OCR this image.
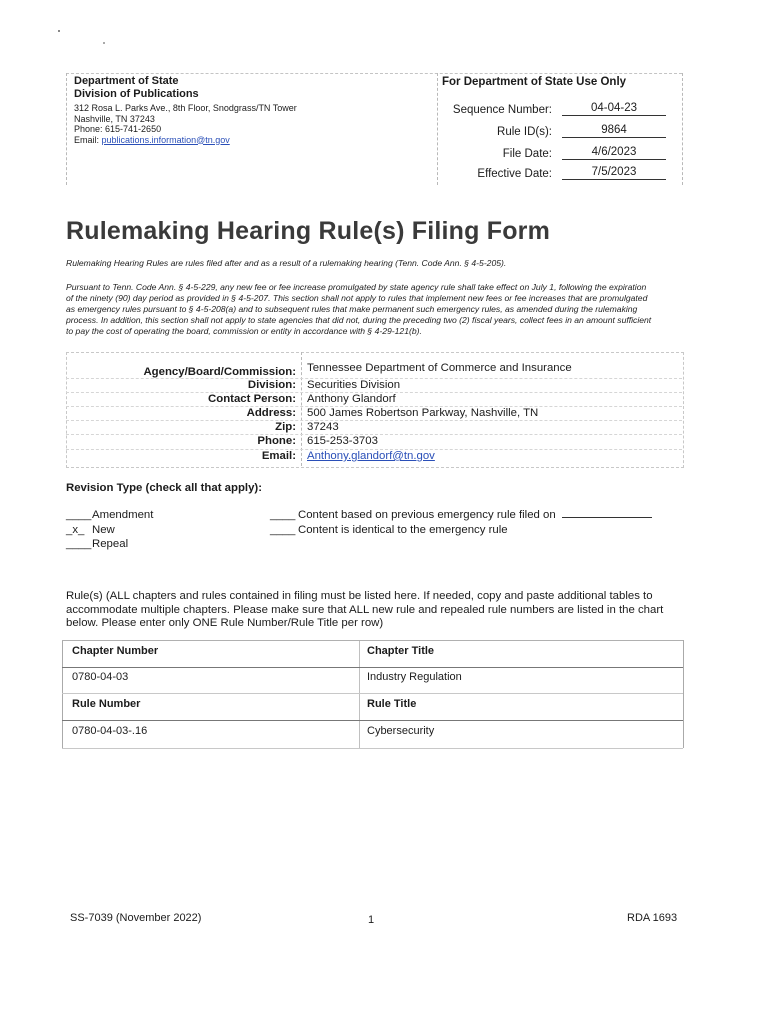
Department of State
Division of Publications
312 Rosa L. Parks Ave., 8th Floor, Snodgrass/TN Tower
Nashville, TN 37243
Phone: 615-741-2650
Email: publications.information@tn.gov
For Department of State Use Only
Sequence Number:	04-04-23
Rule ID(s):	9864
File Date:	4/6/2023
Effective Date:	7/5/2023
Rulemaking Hearing Rule(s) Filing Form
Rulemaking Hearing Rules are rules filed after and as a result of a rulemaking hearing (Tenn. Code Ann. § 4-5-205).
Pursuant to Tenn. Code Ann. § 4-5-229, any new fee or fee increase promulgated by state agency rule shall take effect on July 1, following the expiration
of the ninety (90) day period as provided in § 4-5-207. This section shall not apply to rules that implement new fees or fee increases that are promulgated
as emergency rules pursuant to § 4-5-208(a) and to subsequent rules that make permanent such emergency rules, as amended during the rulemaking
process. In addition, this section shall not apply to state agencies that did not, during the preceding two (2) fiscal years, collect fees in an amount sufficient
to pay the cost of operating the board, commission or entity in accordance with § 4-29-121(b).
Agency/Board/Commission: Tennessee Department of Commerce and Insurance
Division: Securities Division
Contact Person: Anthony Glandorf
Address: 500 James Robertson Parkway, Nashville, TN
Zip: 37243
Phone: 615-253-3703
Email: Anthony.glandorf@tn.gov
Revision Type (check all that apply):
____Amendment
_x_ New
____Repeal
____ Content based on previous emergency rule filed on
____ Content is identical to the emergency rule
Rule(s) (ALL chapters and rules contained in filing must be listed here. If needed, copy and paste additional tables to
accommodate multiple chapters. Please make sure that ALL new rule and repealed rule numbers are listed in the chart
below. Please enter only ONE Rule Number/Rule Title per row)
Chapter Number	Chapter Title
0780-04-03	Industry Regulation
Rule Number	Rule Title
0780-04-03-.16	Cybersecurity
SS-7039 (November 2022)	1	RDA 1693
